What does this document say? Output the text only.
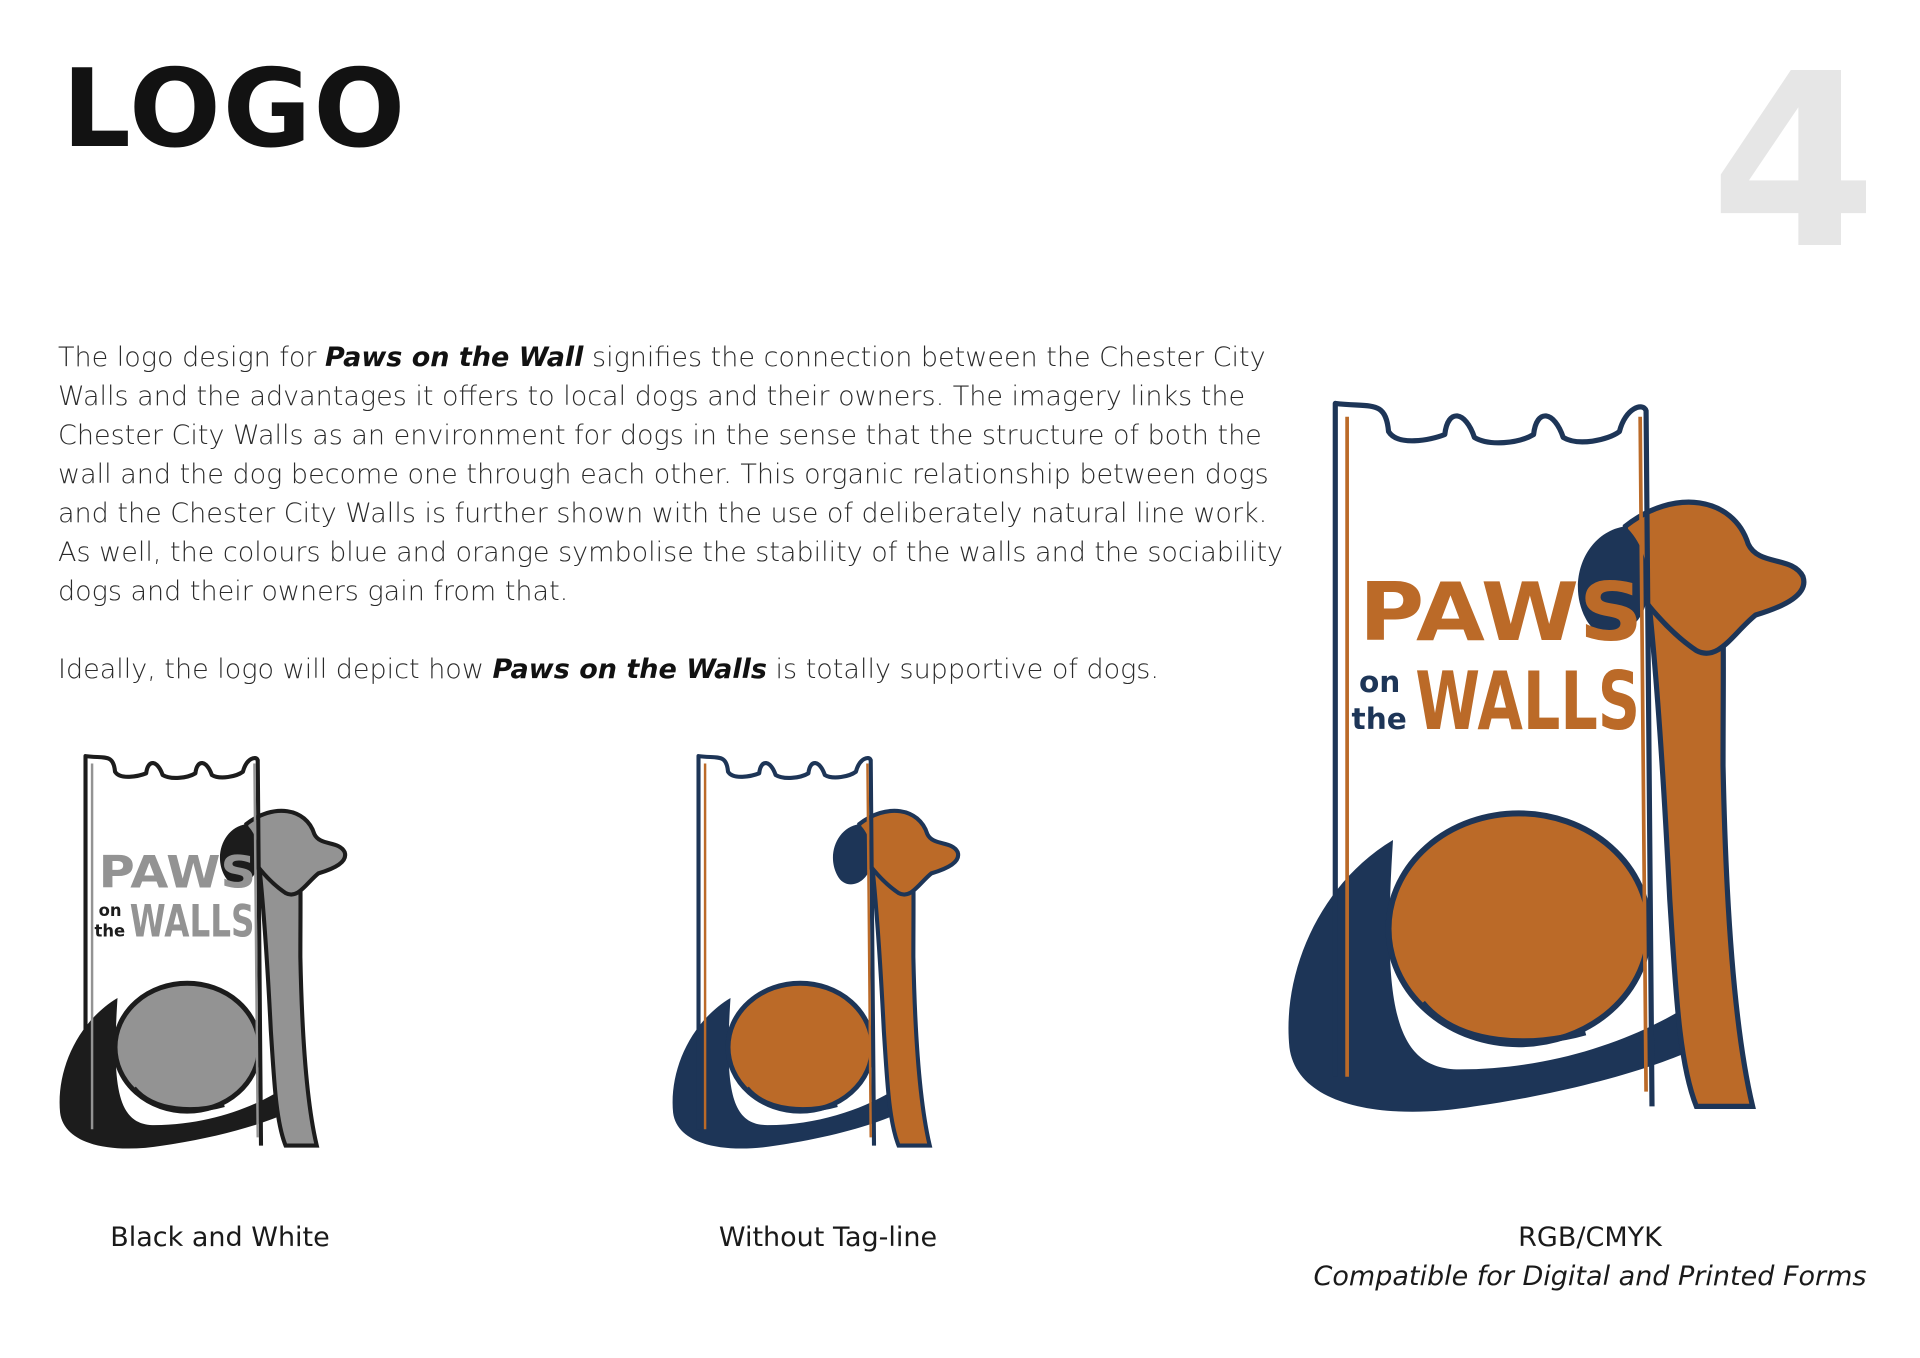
LOGO	4

The logo design for Paws on the Wall signifies the connection between the Chester City Walls and the advantages it offers to local dogs and their owners. The imagery links the Chester City Walls as an environment for dogs in the sense that the structure of both the wall and the dog become one through each other. This organic relationship between dogs and the Chester City Walls is further shown with the use of deliberately natural line work. As well, the colours blue and orange symbolise the stability of the walls and the sociability dogs and their owners gain from that.

Ideally, the logo will depict how Paws on the Walls is totally supportive of dogs.

PAWS
on
the WALLS
PAWS
on
the WALLS
Black and White	Without Tag-line	RGB/CMYK
Compatible for Digital and Printed Forms
